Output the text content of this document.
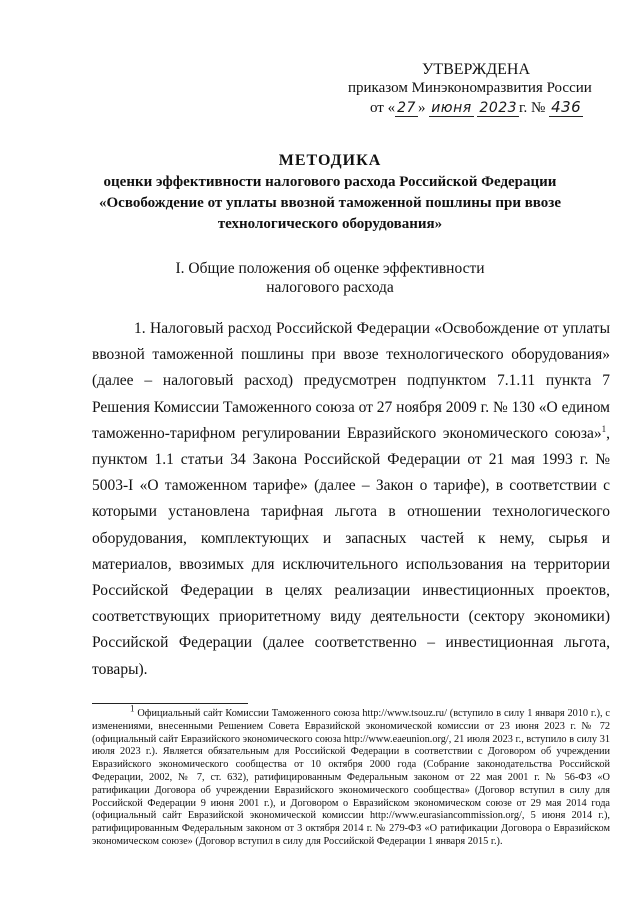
УТВЕРЖДЕНА
приказом Минэкономразвития России
от « 27 » июня 2023 г. № 436
МЕТОДИКА
оценки эффективности налогового расхода Российской Федерации
«Освобождение от уплаты ввозной таможенной пошлины при ввозе
технологического оборудования»
I. Общие положения об оценке эффективности
налогового расхода
1. Налоговый расход Российской Федерации «Освобождение от уплаты ввозной таможенной пошлины при ввозе технологического оборудования» (далее – налоговый расход) предусмотрен подпунктом 7.1.11 пункта 7 Решения Комиссии Таможенного союза от 27 ноября 2009 г. № 130 «О едином таможенно-тарифном регулировании Евразийского экономического союза»$^1$, пунктом 1.1 статьи 34 Закона Российской Федерации от 21 мая 1993 г. № 5003-I «О таможенном тарифе» (далее – Закон о тарифе), в соответствии с которыми установлена тарифная льгота в отношении технологического оборудования, комплектующих и запасных частей к нему, сырья и материалов, ввозимых для исключительного использования на территории Российской Федерации в целях реализации инвестиционных проектов, соответствующих приоритетному виду деятельности (сектору экономики) Российской Федерации (далее соответственно – инвестиционная льгота, товары).
$^1$ Официальный сайт Комиссии Таможенного союза http://www.tsouz.ru/ (вступило в силу 1 января 2010 г.), с изменениями, внесенными Решением Совета Евразийской экономической комиссии от 23 июня 2023 г. № 72 (официальный сайт Евразийского экономического союза http://www.eaeunion.org/, 21 июля 2023 г., вступило в силу 31 июля 2023 г.). Является обязательным для Российской Федерации в соответствии с Договором об учреждении Евразийского экономического сообщества от 10 октября 2000 года (Собрание законодательства Российской Федерации, 2002, № 7, ст. 632), ратифицированным Федеральным законом от 22 мая 2001 г. № 56-ФЗ «О ратификации Договора об учреждении Евразийского экономического сообщества» (Договор вступил в силу для Российской Федерации 9 июня 2001 г.), и Договором о Евразийском экономическом союзе от 29 мая 2014 года (официальный сайт Евразийской экономической комиссии http://www.eurasiancommission.org/, 5 июня 2014 г.), ратифицированным Федеральным законом от 3 октября 2014 г. № 279-ФЗ «О ратификации Договора о Евразийском экономическом союзе» (Договор вступил в силу для Российской Федерации 1 января 2015 г.).
